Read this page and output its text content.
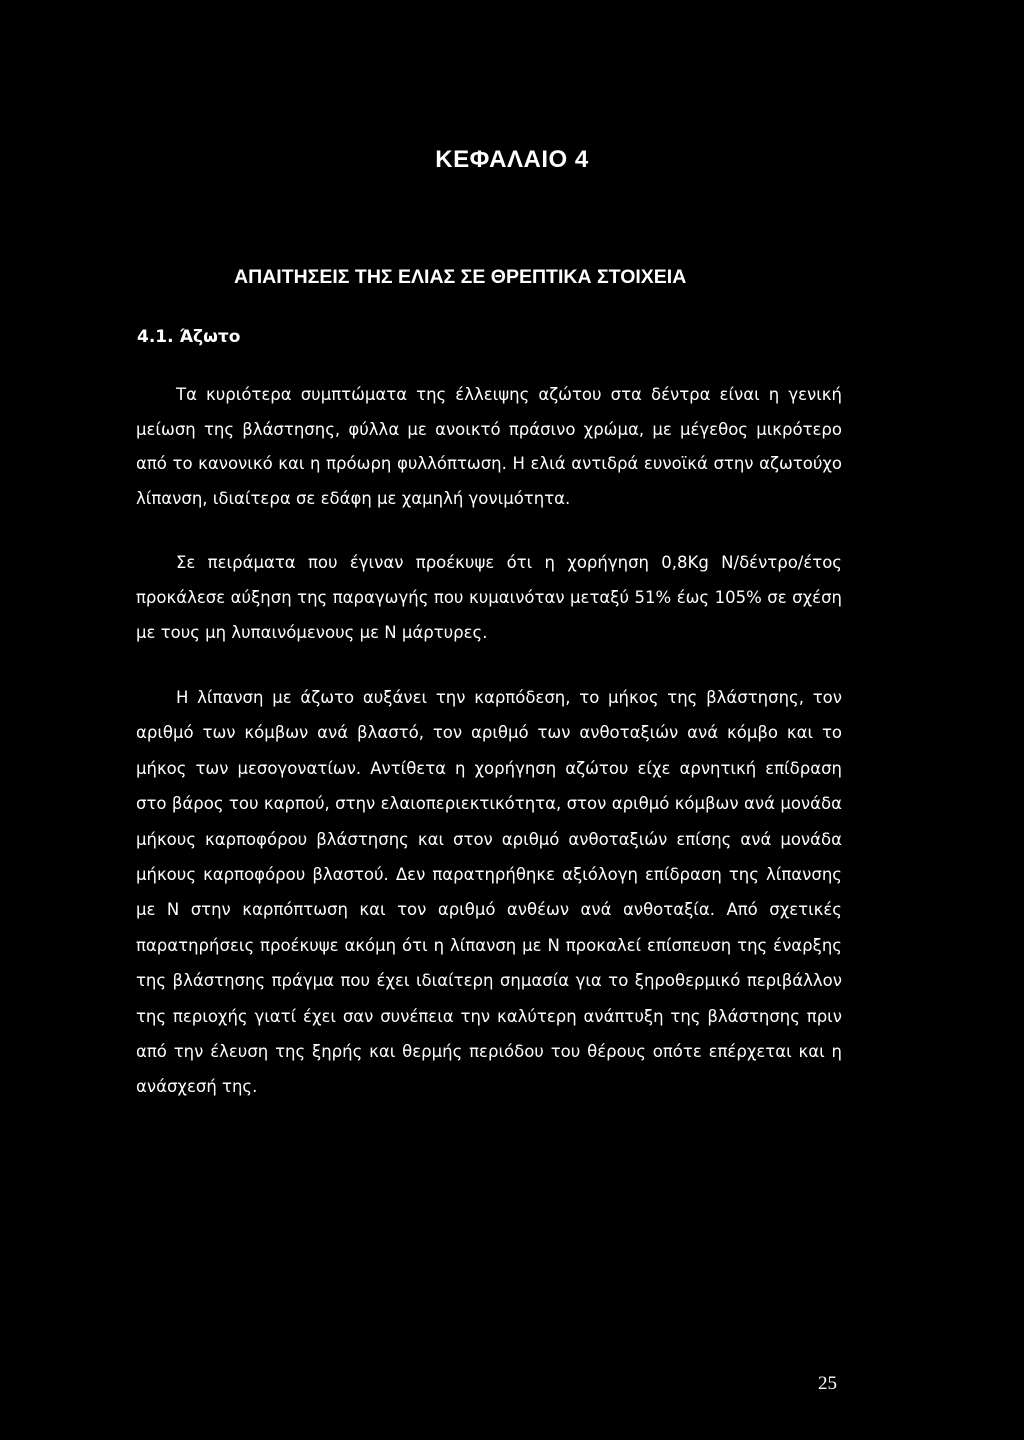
ΚΕΦΑΛΑΙΟ 4
ΑΠΑΙΤΗΣΕΙΣ ΤΗΣ ΕΛΙΑΣ ΣΕ ΘΡΕΠΤΙΚΑ ΣΤΟΙΧΕΙΑ
4.1. Άζωτο

Τα κυριότερα συμπτώματα της έλλειψης αζώτου στα δέντρα είναι η γενική μείωση της βλάστησης, φύλλα με ανοικτό πράσινο χρώμα, με μέγεθος μικρότερο από το κανονικό και η πρόωρη φυλλόπτωση. Η ελιά αντιδρά ευνοϊκά στην αζωτούχο λίπανση, ιδιαίτερα σε εδάφη με χαμηλή γονιμότητα.

Σε πειράματα που έγιναν προέκυψε ότι η χορήγηση 0,8Kg Ν/δέντρο/έτος προκάλεσε αύξηση της παραγωγής που κυμαινόταν μεταξύ 51% έως 105% σε σχέση με τους μη λυπαινόμενους με Ν μάρτυρες.

Η λίπανση με άζωτο αυξάνει την καρπόδεση, το μήκος της βλάστησης, τον αριθμό των κόμβων ανά βλαστό, τον αριθμό των ανθοταξιών ανά κόμβο και το μήκος των μεσογονατίων. Αντίθετα η χορήγηση αζώτου είχε αρνητική επίδραση στο βάρος του καρπού, στην ελαιοπεριεκτικότητα, στον αριθμό κόμβων ανά μονάδα μήκους καρποφόρου βλάστησης και στον αριθμό ανθοταξιών επίσης ανά μονάδα μήκους καρποφόρου βλαστού. Δεν παρατηρήθηκε αξιόλογη επίδραση της λίπανσης με Ν στην καρπόπτωση και τον αριθμό ανθέων ανά ανθοταξία. Από σχετικές παρατηρήσεις προέκυψε ακόμη ότι η λίπανση με Ν προκαλεί επίσπευση της έναρξης της βλάστησης πράγμα που έχει ιδιαίτερη σημασία για το ξηροθερμικό περιβάλλον της περιοχής γιατί έχει σαν συνέπεια την καλύτερη ανάπτυξη της βλάστησης πριν από την έλευση της ξηρής και θερμής περιόδου του θέρους οπότε επέρχεται και η ανάσχεσή της.

25
